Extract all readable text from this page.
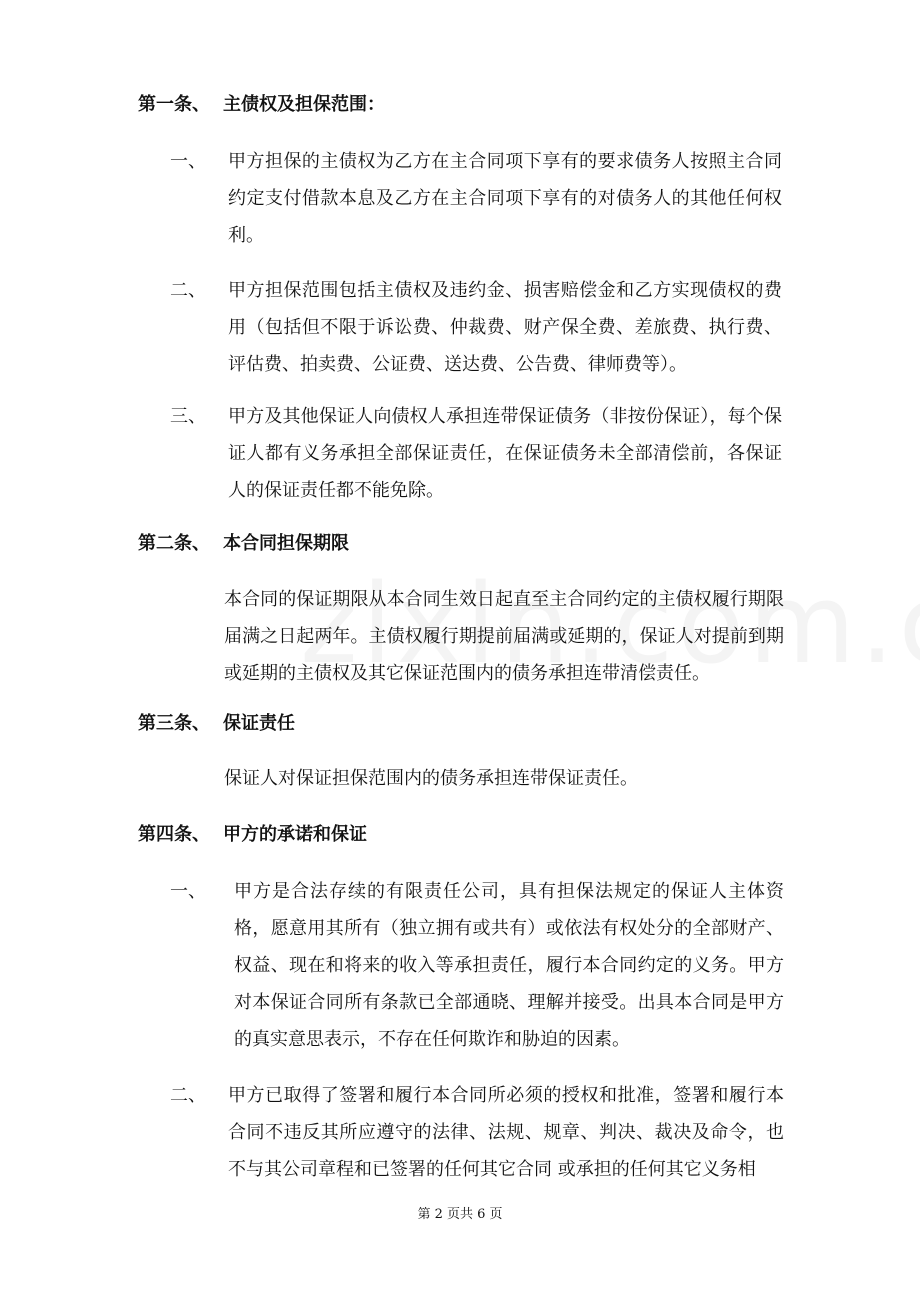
第一条、 主债权及担保范围：
一、 甲方担保的主债权为乙方在主合同项下享有的要求债务人按照主合同约定支付借款本息及乙方在主合同项下享有的对债务人的其他任何权利。
二、 甲方担保范围包括主债权及违约金、损害赔偿金和乙方实现债权的费用（包括但不限于诉讼费、仲裁费、财产保全费、差旅费、执行费、评估费、拍卖费、公证费、送达费、公告费、律师费等）。
三、 甲方及其他保证人向债权人承担连带保证债务（非按份保证），每个保证人都有义务承担全部保证责任，在保证债务未全部清偿前，各保证人的保证责任都不能免除。
第二条、 本合同担保期限
本合同的保证期限从本合同生效日起直至主合同约定的主债权履行期限届满之日起两年。主债权履行期提前届满或延期的，保证人对提前到期或延期的主债权及其它保证范围内的债务承担连带清偿责任。
第三条、 保证责任
保证人对保证担保范围内的债务承担连带保证责任。
第四条、 甲方的承诺和保证
一、 甲方是合法存续的有限责任公司，具有担保法规定的保证人主体资格，愿意用其所有（独立拥有或共有）或依法有权处分的全部财产、权益、现在和将来的收入等承担责任，履行本合同约定的义务。甲方对本保证合同所有条款已全部通晓、理解并接受。出具本合同是甲方的真实意思表示，不存在任何欺诈和胁迫的因素。
二、 甲方已取得了签署和履行本合同所必须的授权和批准，签署和履行本合同不违反其所应遵守的法律、法规、规章、判决、裁决及命令，也不与其公司章程和已签署的任何其它合同 或承担的任何其它义务相
第 2 页共 6 页
